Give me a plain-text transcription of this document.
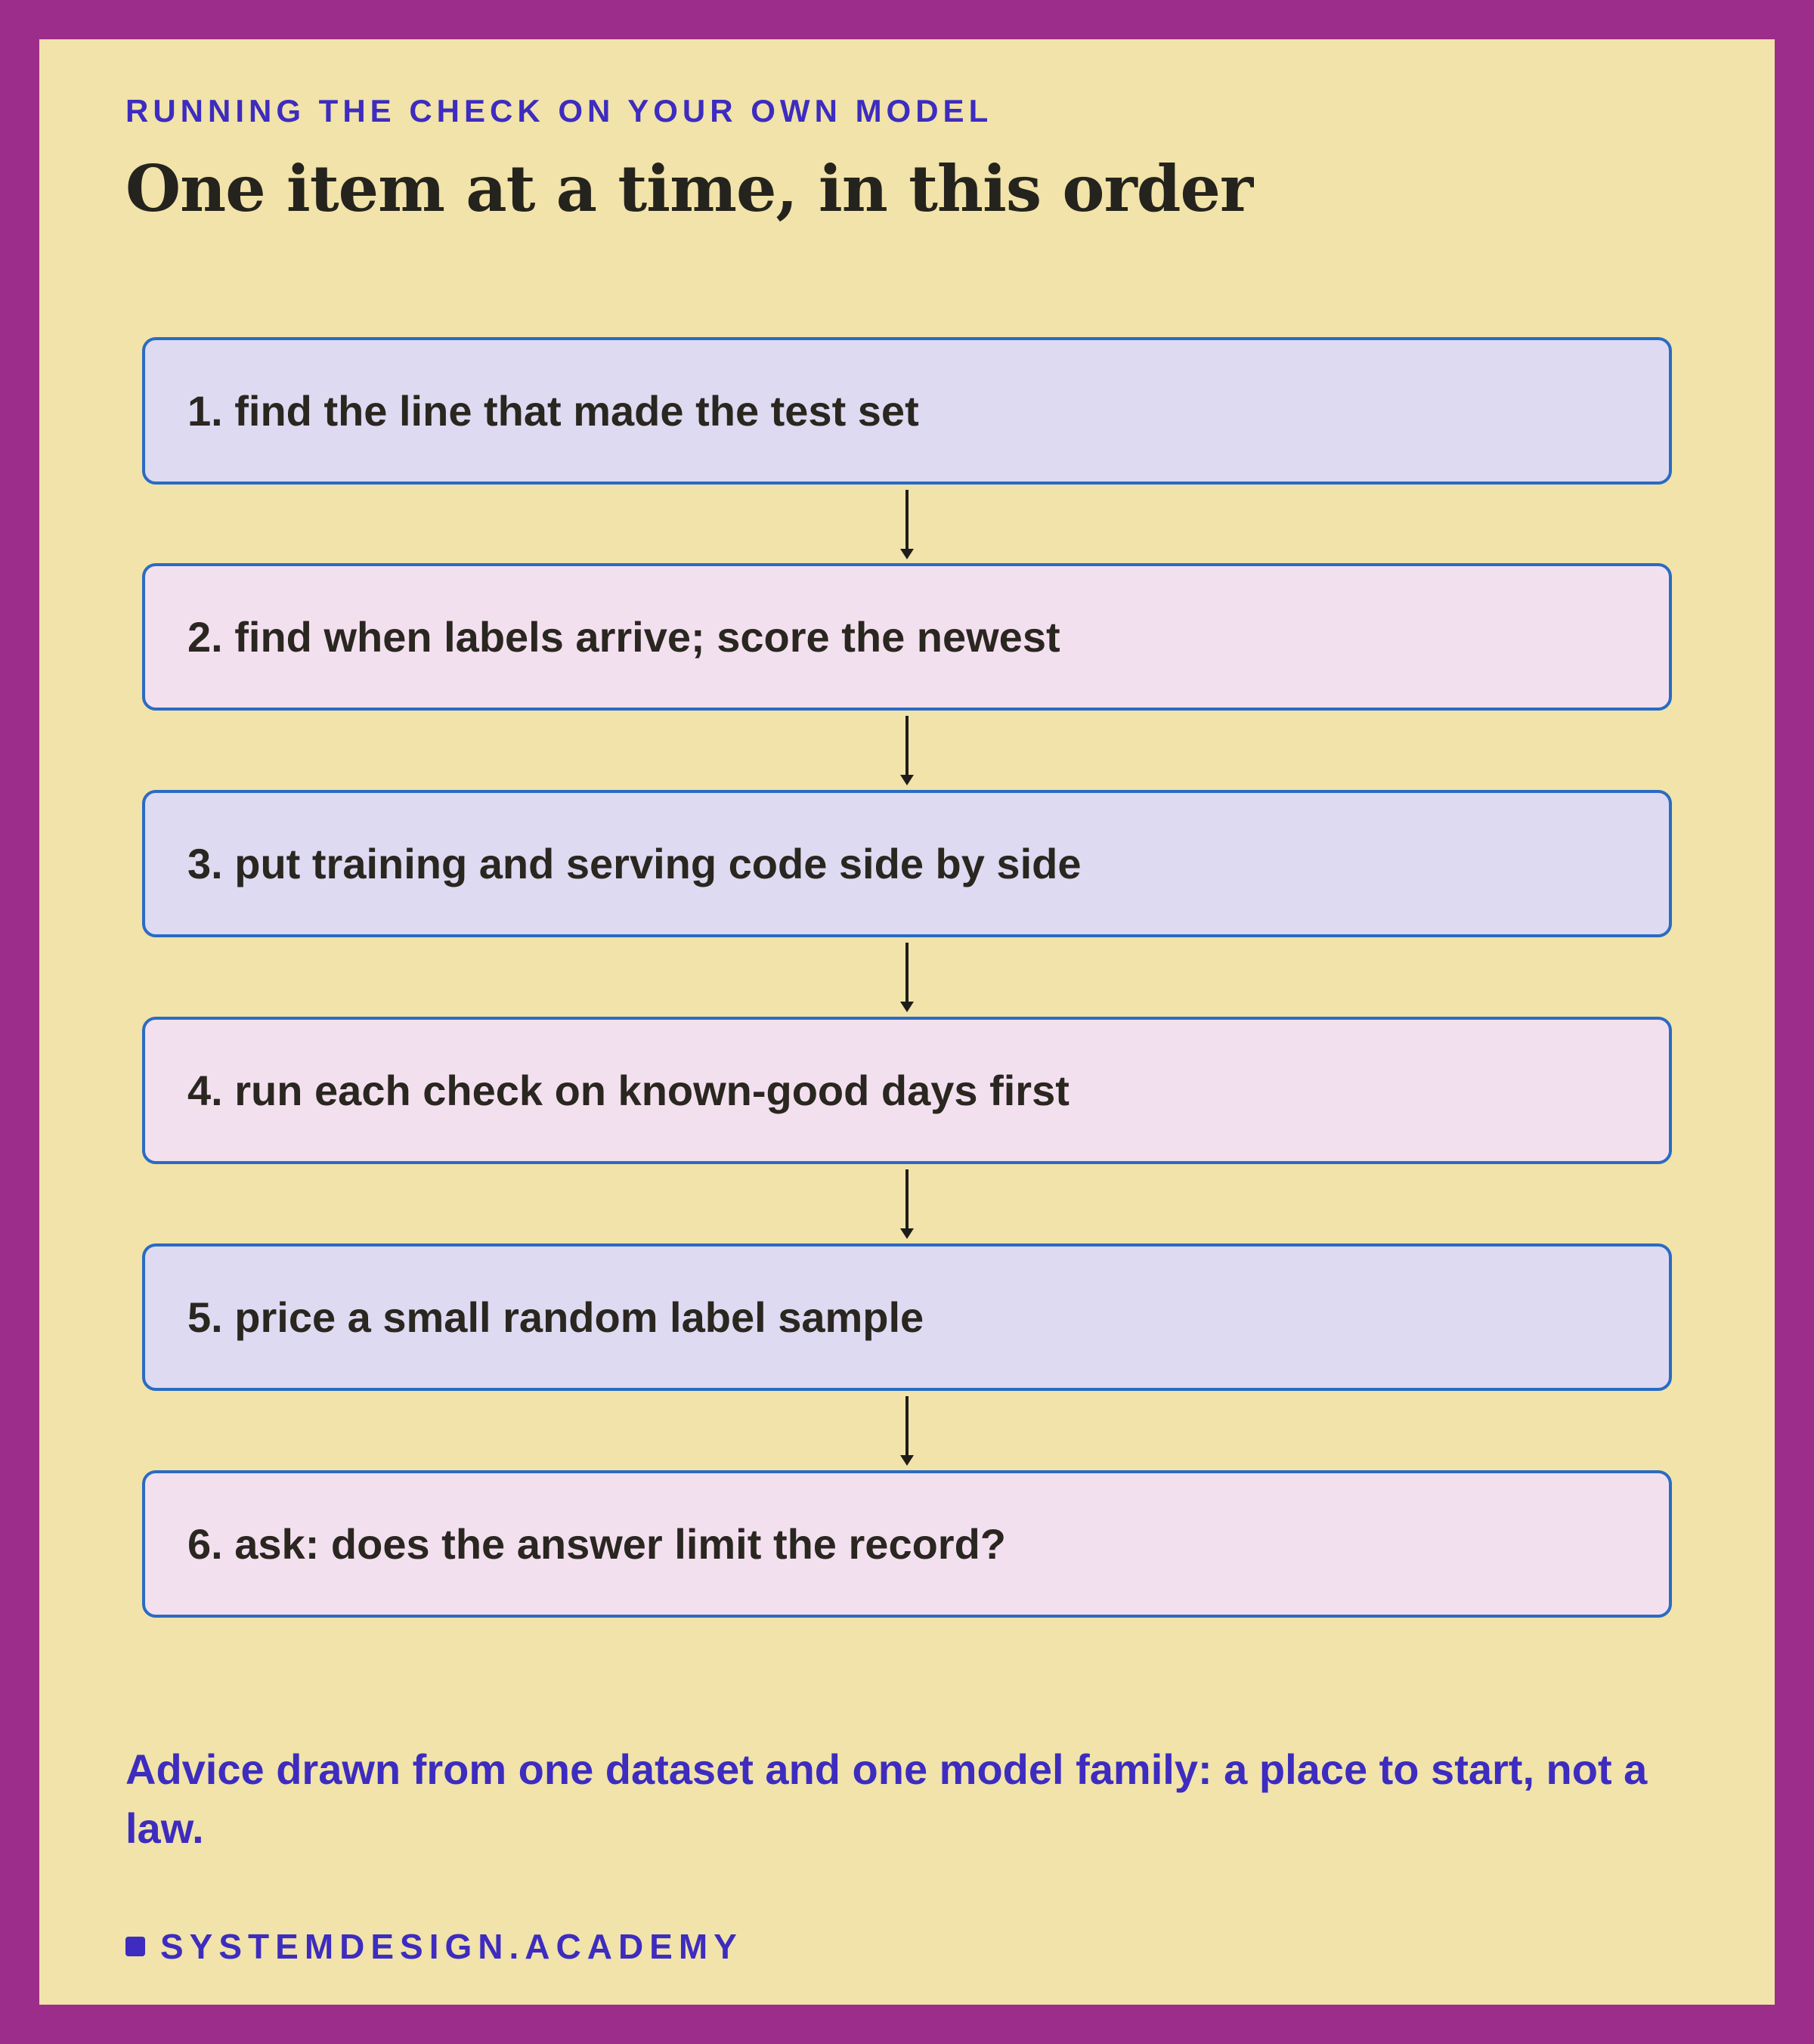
RUNNING THE CHECK ON YOUR OWN MODEL

One item at a time, in this order
1. find the line that made the test set
2. find when labels arrive; score the newest
3. put training and serving code side by side
4. run each check on known-good days first
5. price a small random label sample
6. ask: does the answer limit the record?

Advice drawn from one dataset and one model family: a place to start, not a law.

SYSTEMDESIGN.ACADEMY
